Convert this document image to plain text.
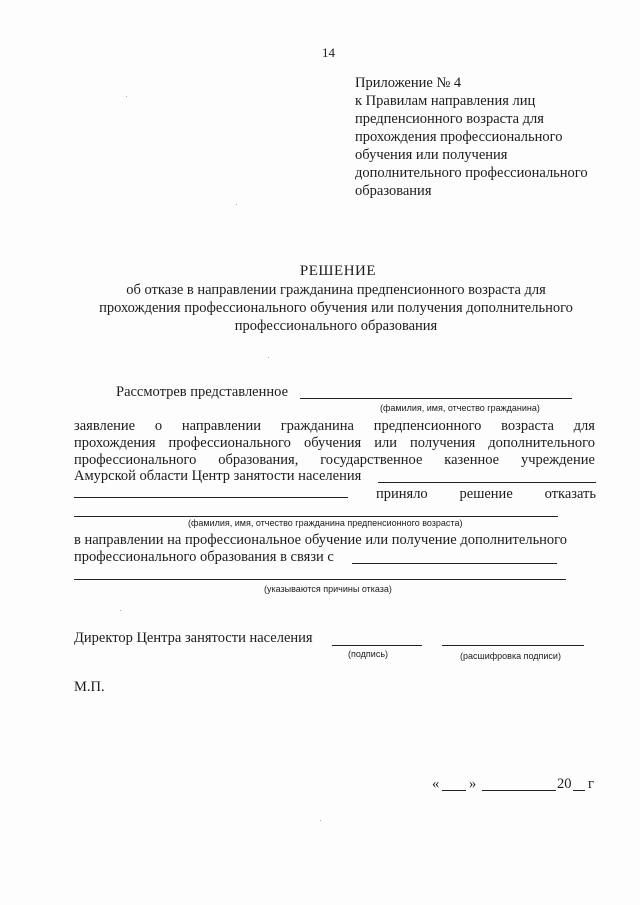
14
Приложение № 4
к Правилам направления лиц
предпенсионного возраста для
прохождения профессионального
обучения или получения
дополнительного профессионального
образования
РЕШЕНИЕ
об отказе в направлении гражданина предпенсионного возраста для
прохождения профессионального обучения или получения дополнительного
профессионального образования
Рассмотрев представленное
(фамилия, имя, отчество гражданина)
заявление о направлении гражданина предпенсионного возраста для
прохождения профессионального обучения или получения дополнительного
профессионального образования, государственное казенное учреждение
Амурской области Центр занятости населения
приняло решение отказать
(фамилия, имя, отчество гражданина предпенсионного возраста)
в направлении на профессиональное обучение или получение дополнительного
профессионального образования в связи с
(указываются причины отказа)
Директор Центра занятости населения
(подпись)	(расшифровка подписи)
М.П.
« »	20 г
